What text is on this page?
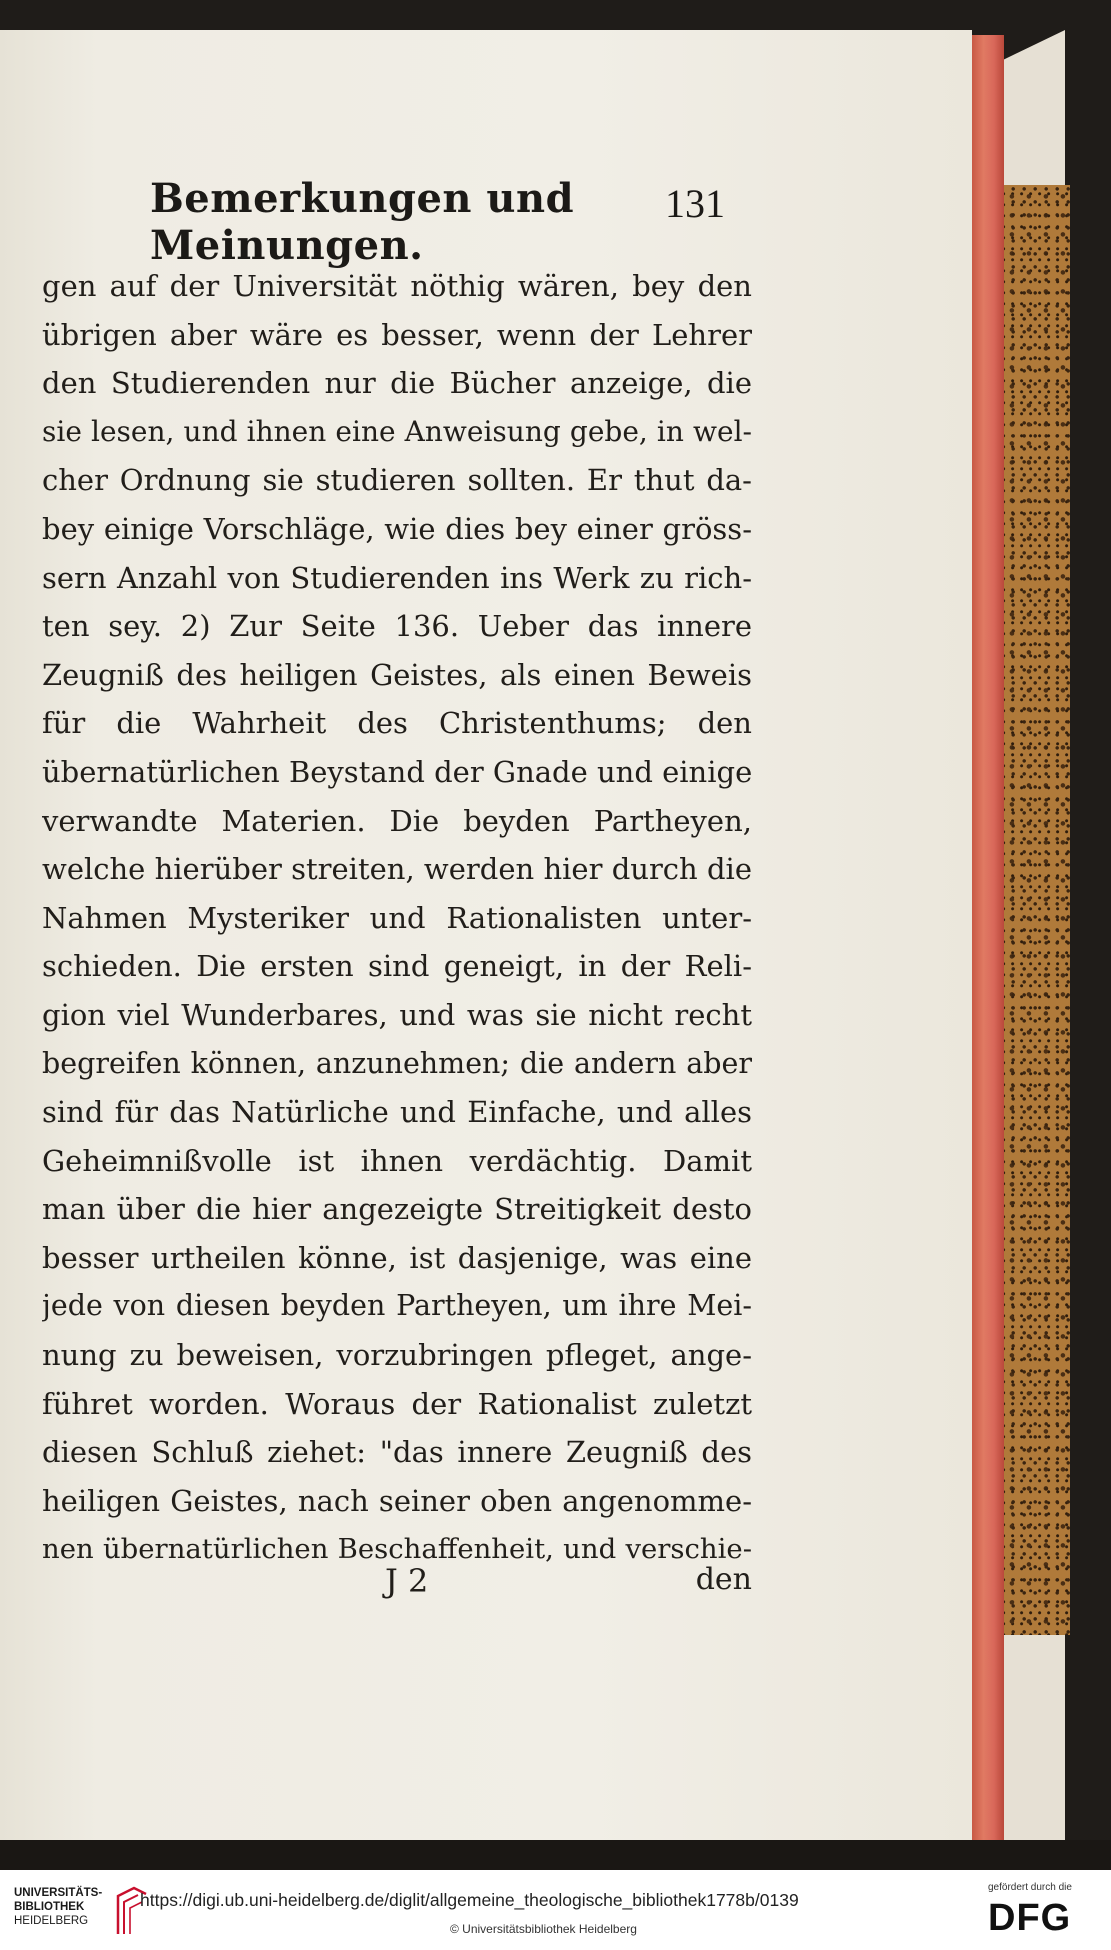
Bemerkungen und Meinungen.
131
gen auf der Universität nöthig wären, bey den
übrigen aber wäre es besser, wenn der Lehrer
den Studierenden nur die Bücher anzeige, die
sie lesen, und ihnen eine Anweisung gebe, in wel-
cher Ordnung sie studieren sollten. Er thut da-
bey einige Vorschläge, wie dies bey einer gröss-
sern Anzahl von Studierenden ins Werk zu rich-
ten sey. 2) Zur Seite 136. Ueber das innere
Zeugniß des heiligen Geistes, als einen Beweis
für die Wahrheit des Christenthums; den
übernatürlichen Beystand der Gnade und einige
verwandte Materien. Die beyden Partheyen,
welche hierüber streiten, werden hier durch die
Nahmen Mysteriker und Rationalisten unter-
schieden. Die ersten sind geneigt, in der Reli-
gion viel Wunderbares, und was sie nicht recht
begreifen können, anzunehmen; die andern aber
sind für das Natürliche und Einfache, und alles
Geheimnißvolle ist ihnen verdächtig. Damit
man über die hier angezeigte Streitigkeit desto
besser urtheilen könne, ist dasjenige, was eine
jede von diesen beyden Partheyen, um ihre Mei-
nung zu beweisen, vorzubringen pfleget, ange-
führet worden. Woraus der Rationalist zuletzt
diesen Schluß ziehet: "das innere Zeugniß des
heiligen Geistes, nach seiner oben angenomme-
nen übernatürlichen Beschaffenheit, und verschie-
J 2	den
UNIVERSITÄTS-
BIBLIOTHEK
HEIDELBERG
https://digi.ub.uni-heidelberg.de/diglit/allgemeine_theologische_bibliothek1778b/0139
© Universitätsbibliothek Heidelberg
gefördert durch die
DFG
